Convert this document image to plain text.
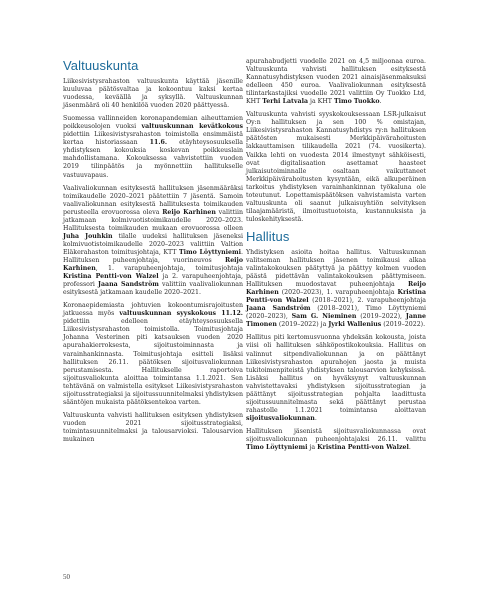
Valtuuskunta

Liikesivistysrahaston valtuuskunta käyttää jäsenille kuuluvaa päätösvaltaa ja kokoontuu kaksi kertaa vuodessa, keväällä ja syksyllä. Valtuuskunnan jäsenmäärä oli 40 henkilöä vuoden 2020 päättyessä.

Suomessa vallinneiden koronapandemian aiheuttamien poikkeusolojen vuoksi valtuuskunnan kevätkokous pidettiin Liikesivistysrahaston toimistolla ensimmäistä kertaa historiassaan 11.6. etäyhteysosuuksella yhdistyksen kokouksia koskevan poikkeuslain mahdollistamana. Kokouksessa vahvistettiin vuoden 2019 tilinpäätös ja myönnettiin hallitukselle vastuuvapaus.

Vaalivaliokunnan esityksestä hallituksen jäsenmääräksi toimikaudelle 2020–2021 päätettiin 7 jäsentä. Samoin vaalivaliokunnan esityksestä hallituksesta toimikauden perusteella erovuorossa oleva Reijo Karhinen valittiin jatkamaan kolmivuotistoimikaudelle 2020–2023. Hallituksesta toimikauden mukaan erovuorossa olleen Juha Jouhkin tilalle uudeksi hallituksen jäseneksi kolmivuotistoimikaudelle 2020–2023 valittiin Valtion Eläkerahaston toimitusjohtaja, KTT Timo Löyttyniemi. Hallituksen puheenjohtaja, vuorineuvos Reijo Karhinen, 1. varapuheenjohtaja, toimitusjohtaja Kristina Pentti-von Walzel ja 2. varapuheenjohtaja, professori Jaana Sandström valittiin vaalivaliokunnan esityksestä jatkamaan kaudelle 2020–2021.

Koronaepidemiasta johtuvien kokoontumisrajoitusten jatkuessa myös valtuuskunnan syyskokous 11.12. pidettiin edelleen etäyhteysosuuksella Liikesivistysrahaston toimistolla. Toimitusjohtaja Johanna Vesterinen piti katsauksen vuoden 2020 apurahakierroksesta, sijoitustoiminnasta ja varainhankinnasta. Toimitusjohtaja esitteli lisäksi hallituksen 26.11. päätöksen sijoitusvaliokunnan perustamisesta. Hallitukselle raportoiva sijoitusvaliokunta aloittaa toimintansa 1.1.2021. Sen tehtävänä on valmistella esitykset Liikesivistysrahaston sijoitusstrategiaksi ja sijoitussuunnitelmaksi yhdistyksen sääntöjen mukaista päätöksentekoa varten.

Valtuuskunta vahvisti hallituksen esityksen yhdistyksen vuoden 2021 sijoitusstrategiaksi, toimintasuunnitelmaksi ja talousarvioksi. Talousarvion mukainen

apurahabudjetti vuodelle 2021 on 4,5 miljoonaa euroa. Valtuuskunta vahvisti hallituksen esityksestä Kannatusyhdistyksen vuoden 2021 ainaisjäsenmaksuksi edelleen 450 euroa. Vaalivaliokunnan esityksestä tilintarkastajiksi vuodelle 2021 valittiin Oy Tuokko Ltd, KHT Terhi Latvala ja KHT Timo Tuokko.

Valtuuskunta vahvisti syyskokouksessaan LSR-julkaisut Oy:n hallituksen ja sen 100 % omistajan, Liikesivistysrahaston Kannatusyhdistys ry:n hallituksen päätösten mukaisesti Merkkipäivärahoitusten lakkauttamisen tilikaudella 2021 (74. vuosikerta). Vaikka lehti on vuodesta 2014 ilmestynyt sähköisesti, ovat digitalisaation asettamat haasteet julkaisutoiminnalle osaltaan vaikuttaneet Merkkipäivärahoitusten kysyntään, eikä alkuperäinen tarkoitus yhdistyksen varainhankinnan työkaluna ole toteutunut. Lopettamispäätöksen vahvistamista varten valtuuskunta oli saanut julkaisuyhtiön selvityksen tilaajamääristä, ilmoitustuotoista, kustannuksista ja tuloskehityksestä.

Hallitus

Yhdistyksen asioita hoitaa hallitus. Valtuuskunnan valitseman hallituksen jäsenen toimikausi alkaa valintakokouksen päätyttyä ja päättyy kolmen vuoden päästä pidettävän valintakokouksen päättymiseen. Hallituksen muodostavat puheenjohtaja Reijo Karhinen (2020–2023), 1. varapuheenjohtaja Kristina Pentti-von Walzel (2018–2021), 2. varapuheenjohtaja Jaana Sandström (2018–2021), Timo Löyttyniemi (2020–2023), Sam G. Nieminen (2019–2022), Janne Timonen (2019–2022) ja Jyrki Wallenius (2019–2022).

Hallitus piti kertomusvuonna yhdeksän kokousta, joista viisi oli hallituksen sähköpostikokouksia. Hallitus on valinnut sitpendivaliokunnan ja on päättänyt Liikesivistysrahaston apurahojen jaosta ja muista tukitoimenpiteistä yhdistyksen talousarvion kehyksissä. Lisäksi hallitus on hyväksynyt valtuuskunnan vahvistettavaksi yhdistyksen sijoitusstrategian ja päättänyt sijoitusstrategian pohjalta laadittusta sijoitussuunnitelmasta sekä päättänyt perustaa rahastolle 1.1.2021 toimintansa aloittavan sijoitusvaliokunnan.

Hallituksen jäsenistä sijoitusvaliokunnassa ovat sijoitusvaliokunnan puheenjohtajaksi 26.11. valittu Timo Löyttyniemi ja Kristina Pentti-von Walzel.

50
